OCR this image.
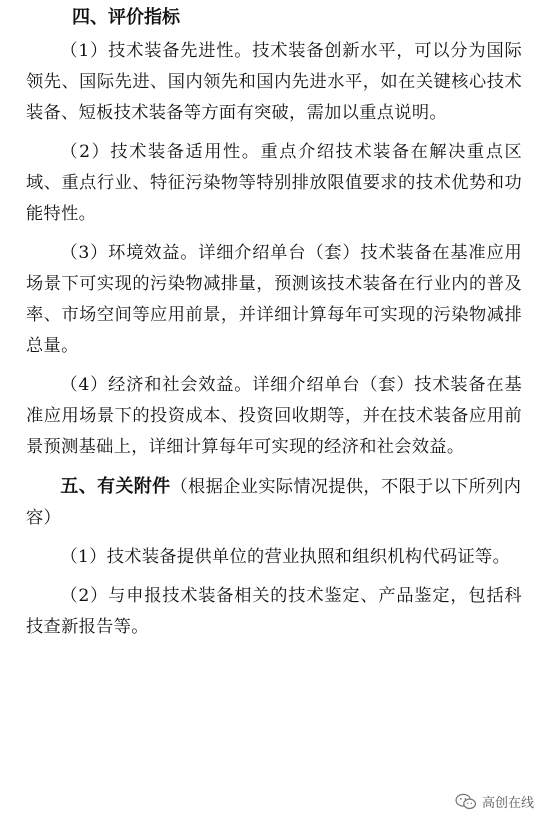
四、评价指标

（1）技术装备先进性。技术装备创新水平，可以分为国际领先、国际先进、国内领先和国内先进水平，如在关键核心技术装备、短板技术装备等方面有突破，需加以重点说明。

（2）技术装备适用性。重点介绍技术装备在解决重点区域、重点行业、特征污染物等特别排放限值要求的技术优势和功能特性。

（3）环境效益。详细介绍单台（套）技术装备在基准应用场景下可实现的污染物减排量，预测该技术装备在行业内的普及率、市场空间等应用前景，并详细计算每年可实现的污染物减排总量。

（4）经济和社会效益。详细介绍单台（套）技术装备在基准应用场景下的投资成本、投资回收期等，并在技术装备应用前景预测基础上，详细计算每年可实现的经济和社会效益。

五、有关附件（根据企业实际情况提供，不限于以下所列内容）

（1）技术装备提供单位的营业执照和组织机构代码证等。

（2）与申报技术装备相关的技术鉴定、产品鉴定，包括科技查新报告等。

高创在线
